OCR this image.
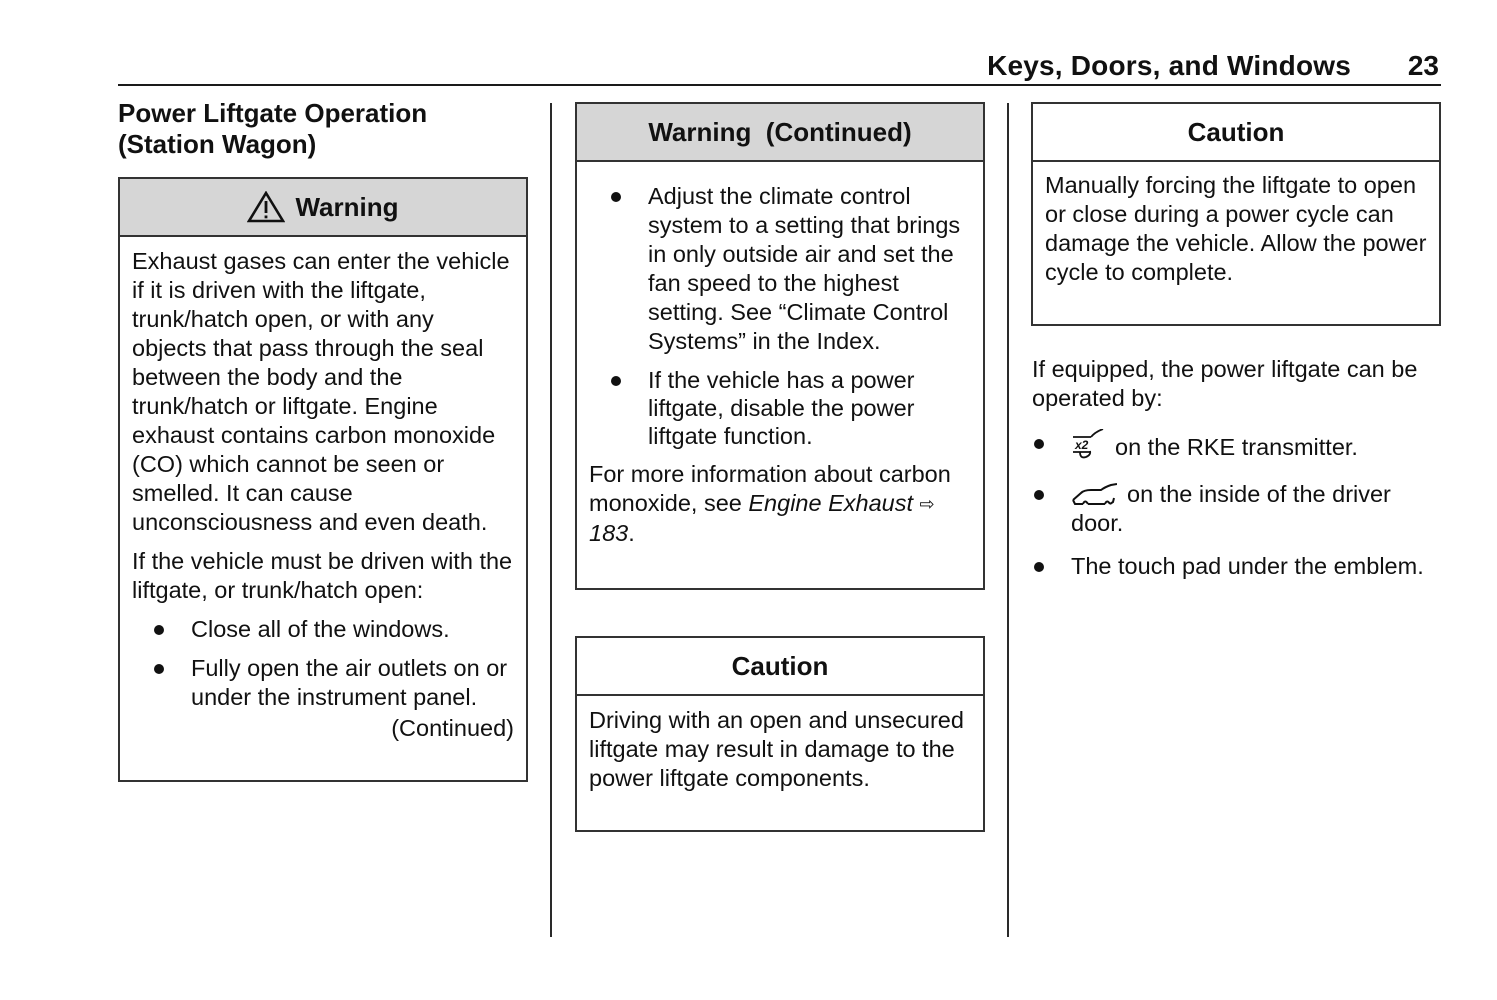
Keys, Doors, and Windows 23
Power Liftgate Operation
(Station Wagon)
Warning

Exhaust gases can enter the vehicle if it is driven with the liftgate, trunk/hatch open, or with any objects that pass through the seal between the body and the trunk/hatch or liftgate. Engine exhaust contains carbon monoxide (CO) which cannot be seen or smelled. It can cause unconsciousness and even death.

If the vehicle must be driven with the liftgate, or trunk/hatch open:

Close all of the windows.
Fully open the air outlets on or under the instrument panel.
(Continued)
Warning  (Continued)
Adjust the climate control system to a setting that brings in only outside air and set the fan speed to the highest setting. See “Climate Control Systems” in the Index.
If the vehicle has a power liftgate, disable the power liftgate function.

For more information about carbon monoxide, see Engine Exhaust ⇨ 183.

Caution

Driving with an open and unsecured liftgate may result in damage to the power liftgate components.

Caution

Manually forcing the liftgate to open or close during a power cycle can damage the vehicle. Allow the power cycle to complete.

If equipped, the power liftgate can be operated by:

x2 on the RKE transmitter.
on the inside of the driver door.
The touch pad under the emblem.
